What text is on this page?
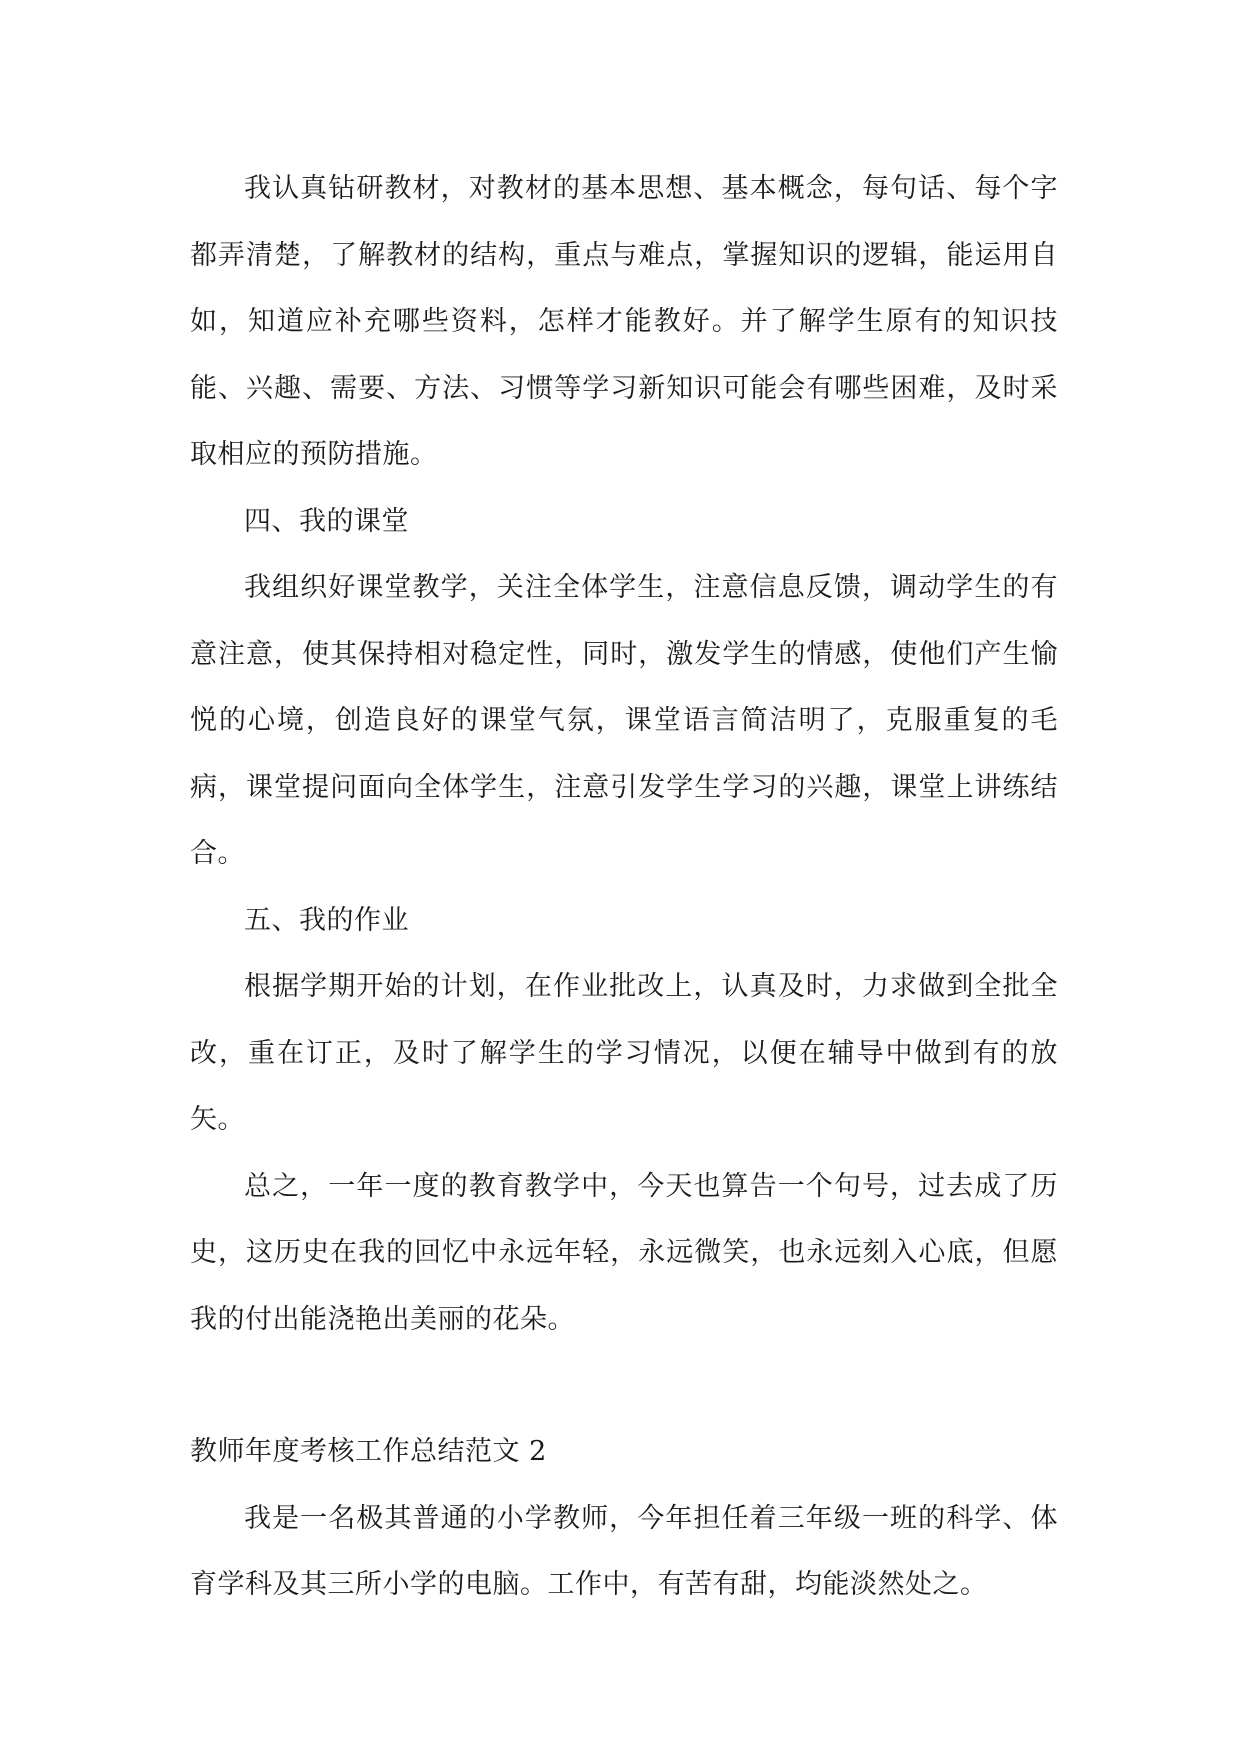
我认真钻研教材，对教材的基本思想、基本概念，每句话、每个字都弄清楚，了解教材的结构，重点与难点，掌握知识的逻辑，能运用自如，知道应补充哪些资料，怎样才能教好。并了解学生原有的知识技能、兴趣、需要、方法、习惯等学习新知识可能会有哪些困难，及时采取相应的预防措施。

四、我的课堂

我组织好课堂教学，关注全体学生，注意信息反馈，调动学生的有意注意，使其保持相对稳定性，同时，激发学生的情感，使他们产生愉悦的心境，创造良好的课堂气氛，课堂语言简洁明了，克服重复的毛病，课堂提问面向全体学生，注意引发学生学习的兴趣，课堂上讲练结合。

五、我的作业

根据学期开始的计划，在作业批改上，认真及时，力求做到全批全改，重在订正，及时了解学生的学习情况，以便在辅导中做到有的放矢。

总之，一年一度的教育教学中，今天也算告一个句号，过去成了历史，这历史在我的回忆中永远年轻，永远微笑，也永远刻入心底，但愿我的付出能浇艳出美丽的花朵。

教师年度考核工作总结范文 2

我是一名极其普通的小学教师，今年担任着三年级一班的科学、体育学科及其三所小学的电脑。工作中，有苦有甜，均能淡然处之。
